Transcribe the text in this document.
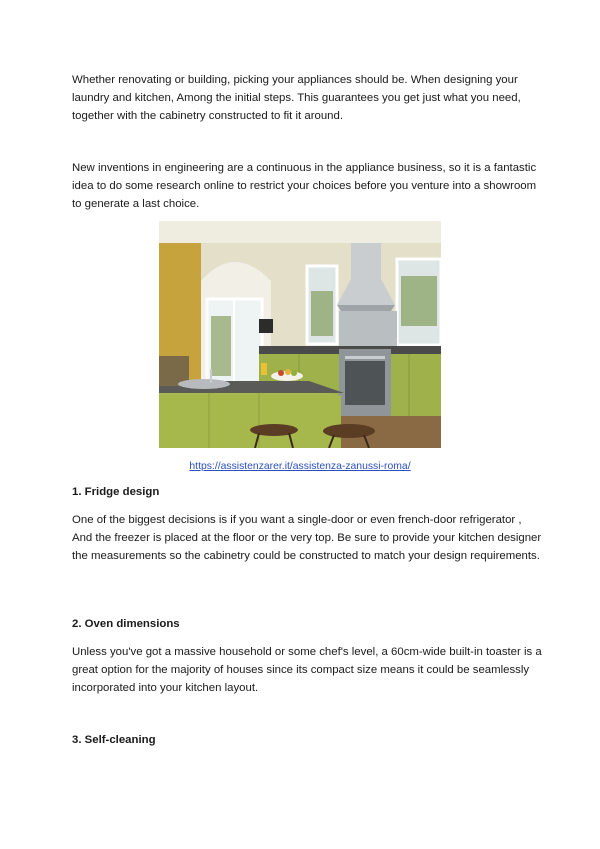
Whether renovating or building, picking your appliances should be. When designing your laundry and kitchen, Among the initial steps. This guarantees you get just what you need, together with the cabinetry constructed to fit it around.

New inventions in engineering are a continuous in the appliance business, so it is a fantastic idea to do some research online to restrict your choices before you venture into a showroom to generate a last choice.

https://assistenzarer.it/assistenza-zanussi-roma/

1. Fridge design

One of the biggest decisions is if you want a single-door or even french-door refrigerator , And the freezer is placed at the floor or the very top. Be sure to provide your kitchen designer the measurements so the cabinetry could be constructed to match your design requirements.

2. Oven dimensions

Unless you've got a massive household or some chef's level, a 60cm-wide built-in toaster is a great option for the majority of houses since its compact size means it could be seamlessly incorporated into your kitchen layout.

3. Self-cleaning
